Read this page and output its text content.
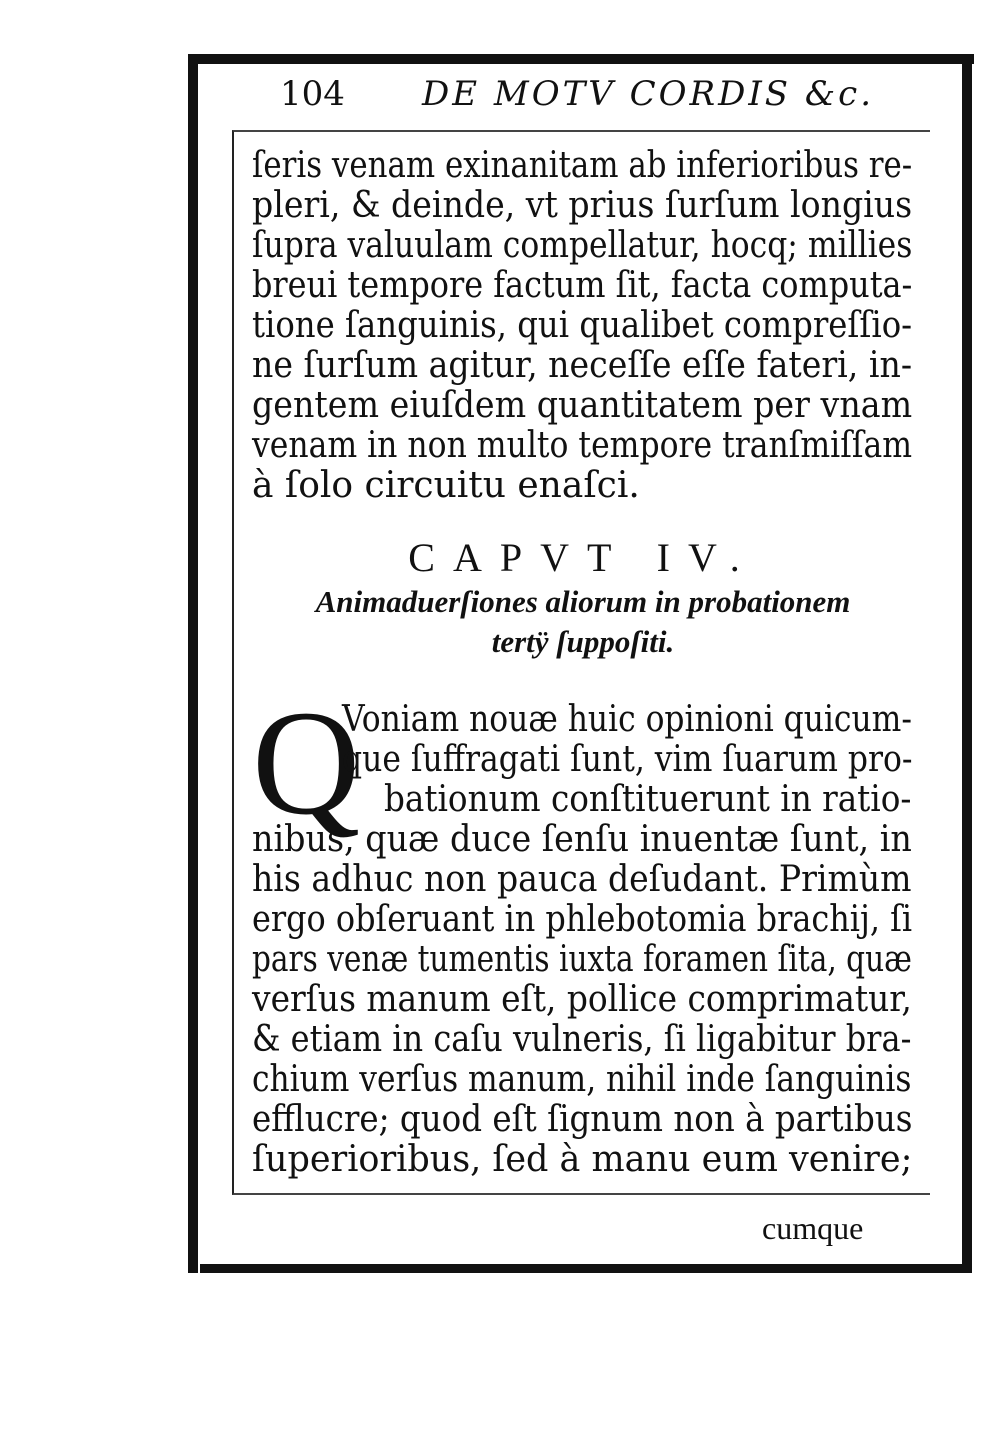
104 DE MOTV CORDIS &c.
ſeris venam exinanitam ab inferioribus re-
pleri, & deinde, vt prius ſurſum longius
ſupra valuulam compellatur, hocq; millies
breui tempore factum ſit, facta computa-
tione ſanguinis, qui qualibet compreſſio-
ne ſurſum agitur, neceſſe eſſe fateri, in-
gentem eiuſdem quantitatem per vnam
venam in non multo tempore tranſmiſſam
à ſolo circuitu enaſci.
CAPVT IV.
Animaduerſiones aliorum in probationem
tertÿ ſuppoſiti.
Q
Voniam nouæ huic opinioni quicum-
que ſuffragati ſunt, vim ſuarum pro-
bationum conſtituerunt in ratio-
nibus, quæ duce ſenſu inuentæ ſunt, in
his adhuc non pauca deſudant. Primùm
ergo obſeruant in phlebotomia brachij, ſi
pars venæ tumentis iuxta foramen ſita, quæ
verſus manum eſt, pollice comprimatur,
& etiam in caſu vulneris, ſi ligabitur bra-
chium verſus manum, nihil inde ſanguinis
efflucre; quod eſt ſignum non à partibus
ſuperioribus, ſed à manu eum venire;
cumque
